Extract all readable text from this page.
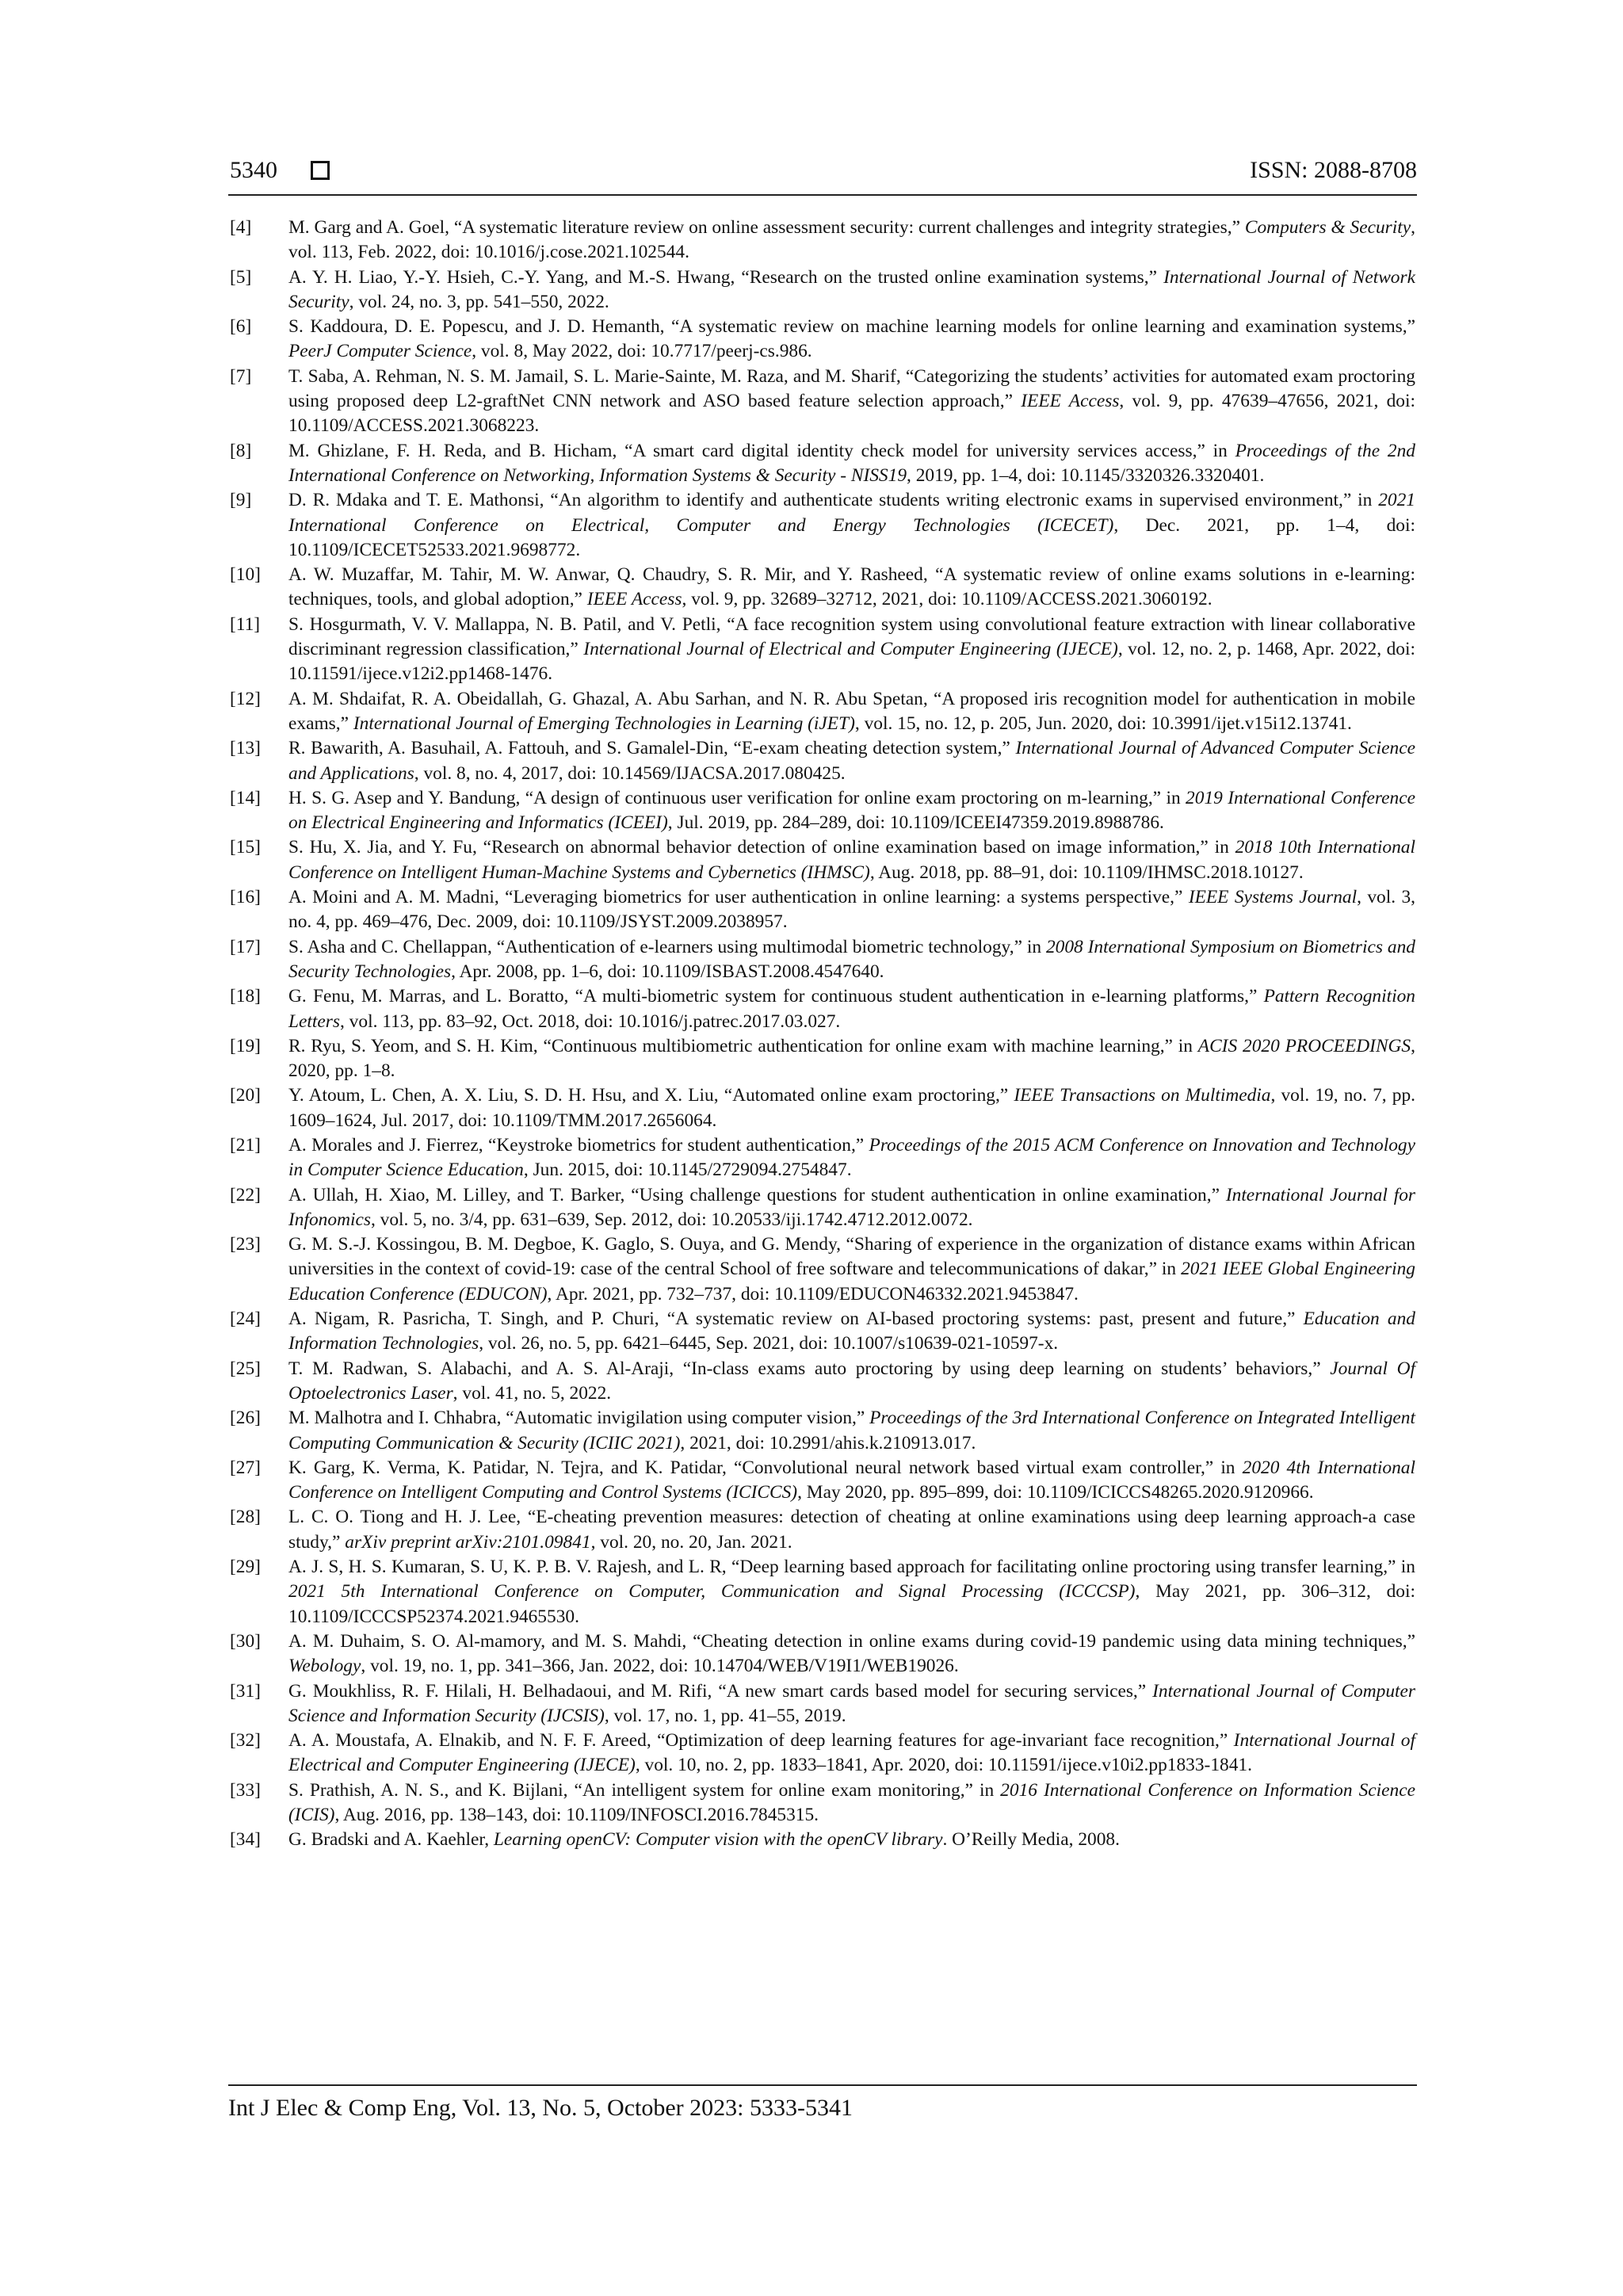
5340	ISSN: 2088-8708
[4]	M. Garg and A. Goel, “A systematic literature review on online assessment security: current challenges and integrity strategies,” Computers & Security, vol. 113, Feb. 2022, doi: 10.1016/j.cose.2021.102544.
[5]	A. Y. H. Liao, Y.-Y. Hsieh, C.-Y. Yang, and M.-S. Hwang, “Research on the trusted online examination systems,” International Journal of Network Security, vol. 24, no. 3, pp. 541–550, 2022.
[6]	S. Kaddoura, D. E. Popescu, and J. D. Hemanth, “A systematic review on machine learning models for online learning and examination systems,” PeerJ Computer Science, vol. 8, May 2022, doi: 10.7717/peerj-cs.986.
[7]	T. Saba, A. Rehman, N. S. M. Jamail, S. L. Marie-Sainte, M. Raza, and M. Sharif, “Categorizing the students’ activities for automated exam proctoring using proposed deep L2-graftNet CNN network and ASO based feature selection approach,” IEEE Access, vol. 9, pp. 47639–47656, 2021, doi: 10.1109/ACCESS.2021.3068223.
[8]	M. Ghizlane, F. H. Reda, and B. Hicham, “A smart card digital identity check model for university services access,” in Proceedings of the 2nd International Conference on Networking, Information Systems & Security - NISS19, 2019, pp. 1–4, doi: 10.1145/3320326.3320401.
[9]	D. R. Mdaka and T. E. Mathonsi, “An algorithm to identify and authenticate students writing electronic exams in supervised environment,” in 2021 International Conference on Electrical, Computer and Energy Technologies (ICECET), Dec. 2021, pp. 1–4, doi: 10.1109/ICECET52533.2021.9698772.
[10]	A. W. Muzaffar, M. Tahir, M. W. Anwar, Q. Chaudry, S. R. Mir, and Y. Rasheed, “A systematic review of online exams solutions in e-learning: techniques, tools, and global adoption,” IEEE Access, vol. 9, pp. 32689–32712, 2021, doi: 10.1109/ACCESS.2021.3060192.
[11]	S. Hosgurmath, V. V. Mallappa, N. B. Patil, and V. Petli, “A face recognition system using convolutional feature extraction with linear collaborative discriminant regression classification,” International Journal of Electrical and Computer Engineering (IJECE), vol. 12, no. 2, p. 1468, Apr. 2022, doi: 10.11591/ijece.v12i2.pp1468-1476.
[12]	A. M. Shdaifat, R. A. Obeidallah, G. Ghazal, A. Abu Sarhan, and N. R. Abu Spetan, “A proposed iris recognition model for authentication in mobile exams,” International Journal of Emerging Technologies in Learning (iJET), vol. 15, no. 12, p. 205, Jun. 2020, doi: 10.3991/ijet.v15i12.13741.
[13]	R. Bawarith, A. Basuhail, A. Fattouh, and S. Gamalel-Din, “E-exam cheating detection system,” International Journal of Advanced Computer Science and Applications, vol. 8, no. 4, 2017, doi: 10.14569/IJACSA.2017.080425.
[14]	H. S. G. Asep and Y. Bandung, “A design of continuous user verification for online exam proctoring on m-learning,” in 2019 International Conference on Electrical Engineering and Informatics (ICEEI), Jul. 2019, pp. 284–289, doi: 10.1109/ICEEI47359.2019.8988786.
[15]	S. Hu, X. Jia, and Y. Fu, “Research on abnormal behavior detection of online examination based on image information,” in 2018 10th International Conference on Intelligent Human-Machine Systems and Cybernetics (IHMSC), Aug. 2018, pp. 88–91, doi: 10.1109/IHMSC.2018.10127.
[16]	A. Moini and A. M. Madni, “Leveraging biometrics for user authentication in online learning: a systems perspective,” IEEE Systems Journal, vol. 3, no. 4, pp. 469–476, Dec. 2009, doi: 10.1109/JSYST.2009.2038957.
[17]	S. Asha and C. Chellappan, “Authentication of e-learners using multimodal biometric technology,” in 2008 International Symposium on Biometrics and Security Technologies, Apr. 2008, pp. 1–6, doi: 10.1109/ISBAST.2008.4547640.
[18]	G. Fenu, M. Marras, and L. Boratto, “A multi-biometric system for continuous student authentication in e-learning platforms,” Pattern Recognition Letters, vol. 113, pp. 83–92, Oct. 2018, doi: 10.1016/j.patrec.2017.03.027.
[19]	R. Ryu, S. Yeom, and S. H. Kim, “Continuous multibiometric authentication for online exam with machine learning,” in ACIS 2020 PROCEEDINGS, 2020, pp. 1–8.
[20]	Y. Atoum, L. Chen, A. X. Liu, S. D. H. Hsu, and X. Liu, “Automated online exam proctoring,” IEEE Transactions on Multimedia, vol. 19, no. 7, pp. 1609–1624, Jul. 2017, doi: 10.1109/TMM.2017.2656064.
[21]	A. Morales and J. Fierrez, “Keystroke biometrics for student authentication,” Proceedings of the 2015 ACM Conference on Innovation and Technology in Computer Science Education, Jun. 2015, doi: 10.1145/2729094.2754847.
[22]	A. Ullah, H. Xiao, M. Lilley, and T. Barker, “Using challenge questions for student authentication in online examination,” International Journal for Infonomics, vol. 5, no. 3/4, pp. 631–639, Sep. 2012, doi: 10.20533/iji.1742.4712.2012.0072.
[23]	G. M. S.-J. Kossingou, B. M. Degboe, K. Gaglo, S. Ouya, and G. Mendy, “Sharing of experience in the organization of distance exams within African universities in the context of covid-19: case of the central School of free software and telecommunications of dakar,” in 2021 IEEE Global Engineering Education Conference (EDUCON), Apr. 2021, pp. 732–737, doi: 10.1109/EDUCON46332.2021.9453847.
[24]	A. Nigam, R. Pasricha, T. Singh, and P. Churi, “A systematic review on AI-based proctoring systems: past, present and future,” Education and Information Technologies, vol. 26, no. 5, pp. 6421–6445, Sep. 2021, doi: 10.1007/s10639-021-10597-x.
[25]	T. M. Radwan, S. Alabachi, and A. S. Al-Araji, “In-class exams auto proctoring by using deep learning on students’ behaviors,” Journal Of Optoelectronics Laser, vol. 41, no. 5, 2022.
[26]	M. Malhotra and I. Chhabra, “Automatic invigilation using computer vision,” Proceedings of the 3rd International Conference on Integrated Intelligent Computing Communication & Security (ICIIC 2021), 2021, doi: 10.2991/ahis.k.210913.017.
[27]	K. Garg, K. Verma, K. Patidar, N. Tejra, and K. Patidar, “Convolutional neural network based virtual exam controller,” in 2020 4th International Conference on Intelligent Computing and Control Systems (ICICCS), May 2020, pp. 895–899, doi: 10.1109/ICICCS48265.2020.9120966.
[28]	L. C. O. Tiong and H. J. Lee, “E-cheating prevention measures: detection of cheating at online examinations using deep learning approach-a case study,” arXiv preprint arXiv:2101.09841, vol. 20, no. 20, Jan. 2021.
[29]	A. J. S, H. S. Kumaran, S. U, K. P. B. V. Rajesh, and L. R, “Deep learning based approach for facilitating online proctoring using transfer learning,” in 2021 5th International Conference on Computer, Communication and Signal Processing (ICCCSP), May 2021, pp. 306–312, doi: 10.1109/ICCCSP52374.2021.9465530.
[30]	A. M. Duhaim, S. O. Al-mamory, and M. S. Mahdi, “Cheating detection in online exams during covid-19 pandemic using data mining techniques,” Webology, vol. 19, no. 1, pp. 341–366, Jan. 2022, doi: 10.14704/WEB/V19I1/WEB19026.
[31]	G. Moukhliss, R. F. Hilali, H. Belhadaoui, and M. Rifi, “A new smart cards based model for securing services,” International Journal of Computer Science and Information Security (IJCSIS), vol. 17, no. 1, pp. 41–55, 2019.
[32]	A. A. Moustafa, A. Elnakib, and N. F. F. Areed, “Optimization of deep learning features for age-invariant face recognition,” International Journal of Electrical and Computer Engineering (IJECE), vol. 10, no. 2, pp. 1833–1841, Apr. 2020, doi: 10.11591/ijece.v10i2.pp1833-1841.
[33]	S. Prathish, A. N. S., and K. Bijlani, “An intelligent system for online exam monitoring,” in 2016 International Conference on Information Science (ICIS), Aug. 2016, pp. 138–143, doi: 10.1109/INFOSCI.2016.7845315.
[34]	G. Bradski and A. Kaehler, Learning openCV: Computer vision with the openCV library. O’Reilly Media, 2008.
Int J Elec & Comp Eng, Vol. 13, No. 5, October 2023: 5333-5341
